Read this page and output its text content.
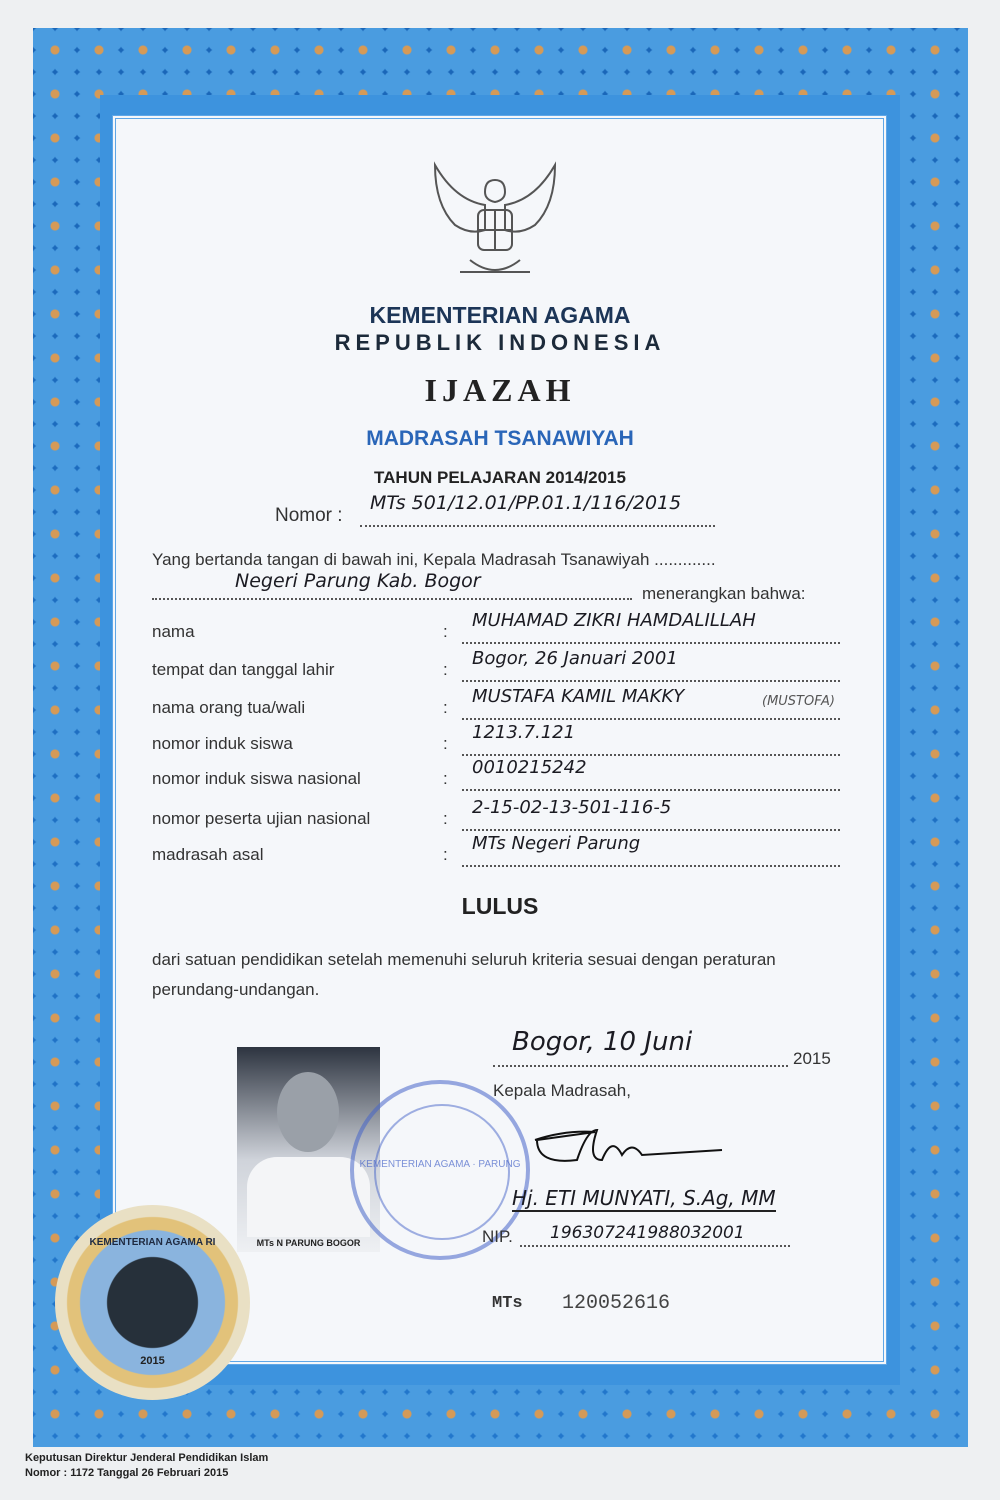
KEMENTERIAN AGAMA
REPUBLIK INDONESIA
IJAZAH
MADRASAH TSANAWIYAH
TAHUN PELAJARAN 2014/2015
Nomor :
MTs 501/12.01/PP.01.1/116/2015
Yang bertanda tangan di bawah ini, Kepala Madrasah Tsanawiyah .............
Negeri Parung Kab. Bogor
menerangkan bahwa:
nama	:
MUHAMAD ZIKRI HAMDALILLAH
tempat dan tanggal lahir	:
Bogor, 26 Januari 2001
nama orang tua/wali	:
MUSTAFA KAMIL MAKKY	(MUSTOFA)
nomor induk siswa	:
1213.7.121
nomor induk siswa nasional	:
0010215242
nomor peserta ujian nasional	:
2-15-02-13-501-116-5
madrasah asal	:
MTs Negeri Parung
LULUS
dari satuan pendidikan setelah memenuhi seluruh kriteria sesuai dengan peraturan perundang-undangan.
MTs N PARUNG BOGOR
KEMENTERIAN AGAMA · PARUNG
Bogor, 10 Juni
2015
Kepala Madrasah,
Hj. ETI MUNYATI, S.Ag, MM
NIP. 196307241988032001
MTs 120052616
KEMENTERIAN AGAMA RI
2015
Keputusan Direktur Jenderal Pendidikan Islam
Nomor : 1172 Tanggal 26 Februari 2015
